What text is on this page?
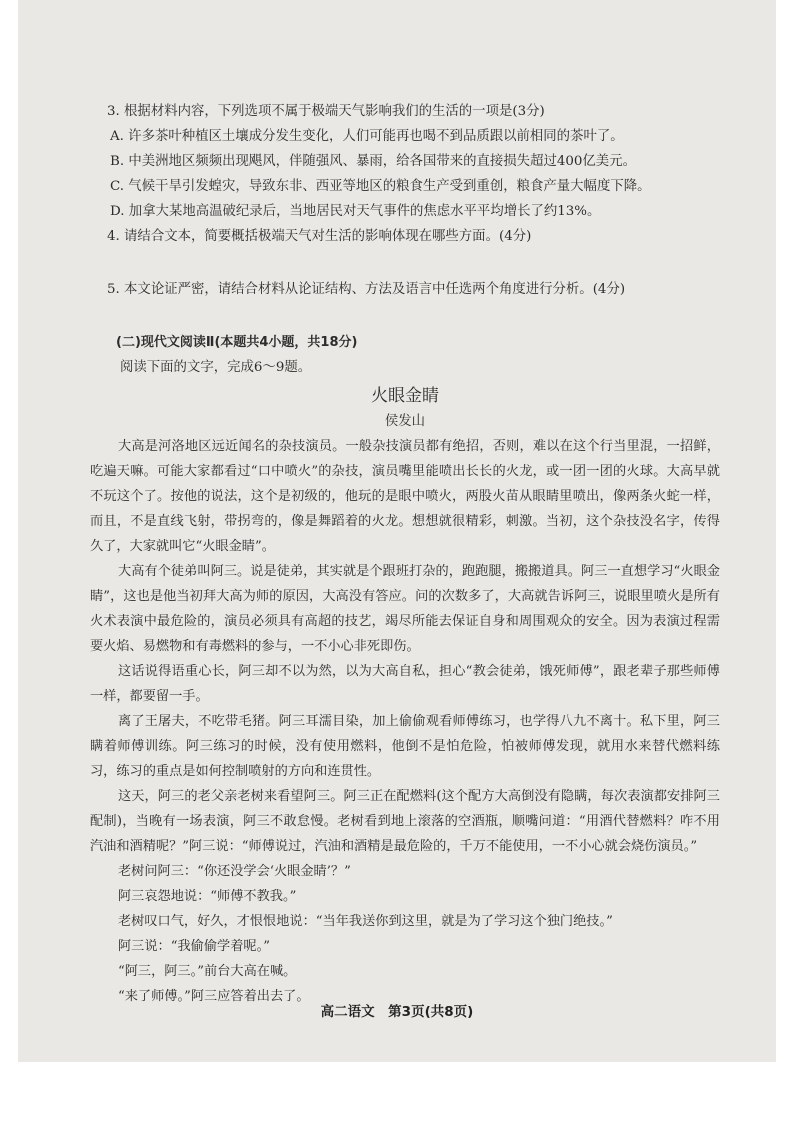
3. 根据材料内容，下列选项不属于极端天气影响我们的生活的一项是(3分)

A. 许多茶叶种植区土壤成分发生变化，人们可能再也喝不到品质跟以前相同的茶叶了。

B. 中美洲地区频频出现飓风，伴随强风、暴雨，给各国带来的直接损失超过400亿美元。

C. 气候干旱引发蝗灾，导致东非、西亚等地区的粮食生产受到重创，粮食产量大幅度下降。

D. 加拿大某地高温破纪录后，当地居民对天气事件的焦虑水平平均增长了约13%。

4. 请结合文本，简要概括极端天气对生活的影响体现在哪些方面。(4分)

5. 本文论证严密，请结合材料从论证结构、方法及语言中任选两个角度进行分析。(4分)

(二)现代文阅读Ⅱ(本题共4小题，共18分)

阅读下面的文字，完成6～9题。

火眼金睛
侯发山

大高是河洛地区远近闻名的杂技演员。一般杂技演员都有绝招，否则，难以在这个行当里混，一招鲜，吃遍天嘛。可能大家都看过“口中喷火”的杂技，演员嘴里能喷出长长的火龙，或一团一团的火球。大高早就不玩这个了。按他的说法，这个是初级的，他玩的是眼中喷火，两股火苗从眼睛里喷出，像两条火蛇一样，而且，不是直线飞射，带拐弯的，像是舞蹈着的火龙。想想就很精彩，刺激。当初，这个杂技没名字，传得久了，大家就叫它“火眼金睛”。

大高有个徒弟叫阿三。说是徒弟，其实就是个跟班打杂的，跑跑腿，搬搬道具。阿三一直想学习“火眼金睛”，这也是他当初拜大高为师的原因，大高没有答应。问的次数多了，大高就告诉阿三，说眼里喷火是所有火术表演中最危险的，演员必须具有高超的技艺，竭尽所能去保证自身和周围观众的安全。因为表演过程需要火焰、易燃物和有毒燃料的参与，一不小心非死即伤。

这话说得语重心长，阿三却不以为然，以为大高自私，担心“教会徒弟，饿死师傅”，跟老辈子那些师傅一样，都要留一手。

离了王屠夫，不吃带毛猪。阿三耳濡目染，加上偷偷观看师傅练习，也学得八九不离十。私下里，阿三瞒着师傅训练。阿三练习的时候，没有使用燃料，他倒不是怕危险，怕被师傅发现，就用水来替代燃料练习，练习的重点是如何控制喷射的方向和连贯性。

这天，阿三的老父亲老树来看望阿三。阿三正在配燃料(这个配方大高倒没有隐瞒，每次表演都安排阿三配制)，当晚有一场表演，阿三不敢怠慢。老树看到地上滚落的空酒瓶，顺嘴问道：“用酒代替燃料？咋不用汽油和酒精呢？”阿三说：“师傅说过，汽油和酒精是最危险的，千万不能使用，一不小心就会烧伤演员。”

老树问阿三：“你还没学会‘火眼金睛’？”

阿三哀怨地说：“师傅不教我。”

老树叹口气，好久，才恨恨地说：“当年我送你到这里，就是为了学习这个独门绝技。”

阿三说：“我偷偷学着呢。”

“阿三，阿三。”前台大高在喊。

“来了师傅。”阿三应答着出去了。

高二语文　第3页(共8页)
